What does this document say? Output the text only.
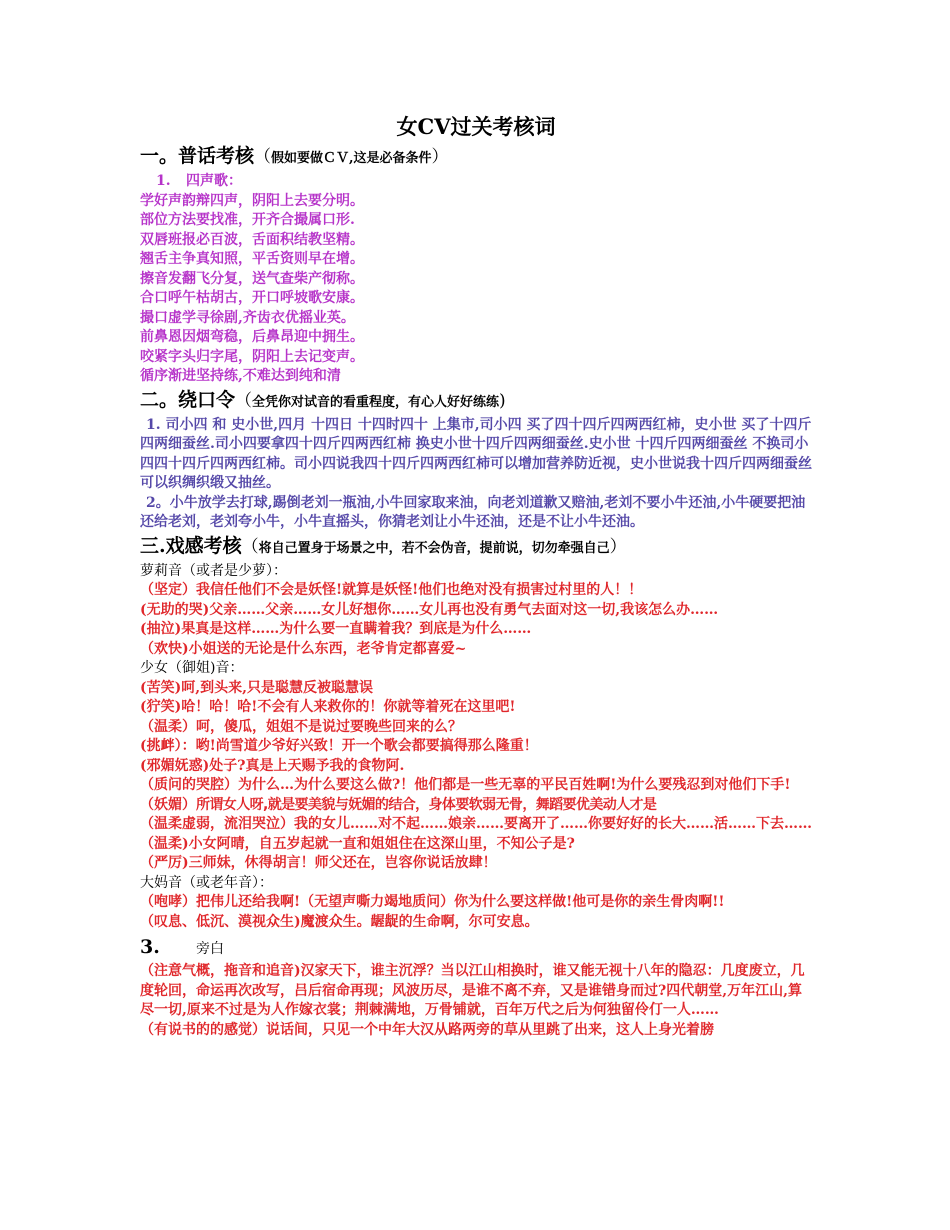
女CV过关考核词
一。普话考核（假如要做ＣＶ,这是必备条件）
1. 四声歌：
学好声韵辩四声，阴阳上去要分明。
部位方法要找准，开齐合撮属口形.
双唇班报必百波，舌面积结教坚精。
翘舌主争真知照，平舌资则早在增。
擦音发翻飞分复，送气查柴产彻称。
合口呼午枯胡古，开口呼坡歌安康。
撮口虚学寻徐剧,齐齿衣优摇业英。
前鼻恩因烟弯稳，后鼻昂迎中拥生。
咬紧字头归字尾，阴阳上去记变声。
循序渐进坚持练,不难达到纯和清
二。绕口令（全凭你对试音的看重程度，有心人好好练练)
1. 司小四 和 史小世,四月 十四日 十四时四十 上集市,司小四 买了四十四斤四两西红柿，史小世 买了十四斤四两细蚕丝.司小四要拿四十四斤四两西红柿 换史小世十四斤四两细蚕丝.史小世 十四斤四两细蚕丝 不换司小四四十四斤四两西红柿。司小四说我四十四斤四两西红柿可以增加营养防近视，史小世说我十四斤四两细蚕丝可以织绸织缎又抽丝。
2。小牛放学去打球,踢倒老刘一瓶油,小牛回家取来油，向老刘道歉又赔油,老刘不要小牛还油,小牛硬要把油还给老刘，老刘夸小牛，小牛直摇头，你猜老刘让小牛还油，还是不让小牛还油。
三.戏感考核（将自己置身于场景之中，若不会伪音，提前说，切勿牵强自己）
萝莉音（或者是少萝）：
（坚定）我信任他们不会是妖怪!就算是妖怪!他们也绝对没有损害过村里的人！！
(无助的哭)父亲……父亲……女儿好想你……女儿再也没有勇气去面对这一切,我该怎么办……
(抽泣)果真是这样……为什么要一直瞒着我？到底是为什么……
（欢快)小姐送的无论是什么东西，老爷肯定都喜爱~
少女（御姐)音：
(苦笑)呵,到头来,只是聪慧反被聪慧误
(狞笑)哈！哈！哈!不会有人来救你的！你就等着死在这里吧!
（温柔）呵，傻瓜，姐姐不是说过要晚些回来的么？
(挑衅）：哟!尚雪道少爷好兴致！开一个歌会都要搞得那么隆重！
(邪媚妩惑)处子?真是上天赐予我的食物阿.
（质问的哭腔）为什么…为什么要这么做?！他们都是一些无辜的平民百姓啊!为什么要残忍到对他们下手!
（妖媚）所谓女人呀,就是要美貌与妩媚的结合，身体要软弱无骨，舞蹈要优美动人才是
（温柔虚弱，流泪哭泣）我的女儿……对不起……娘亲……要离开了……你要好好的长大……活……下去……
（温柔)小女阿晴，自五岁起就一直和姐姐住在这深山里，不知公子是?
（严厉)三师妹，休得胡言！师父还在，岂容你说话放肆！
大妈音（或老年音）：
（咆哮）把伟儿还给我啊!（无望声嘶力竭地质问）你为什么要这样做!他可是你的亲生骨肉啊!!
（叹息、低沉、漠视众生)魔渡众生。龌龊的生命啊，尔可安息。
3.	旁白
（注意气概，拖音和追音)汉家天下，谁主沉浮？当以江山相换时，谁又能无视十八年的隐忍：几度废立，几度轮回，命运再次改写，吕后宿命再现；风波历尽，是谁不离不弃，又是谁错身而过?四代朝堂,万年江山,算尽一切,原来不过是为人作嫁衣裳；荆棘满地，万骨铺就，百年万代之后为何独留伶仃一人……
（有说书的的感觉）说话间，只见一个中年大汉从路两旁的草从里跳了出来，这人上身光着膀
